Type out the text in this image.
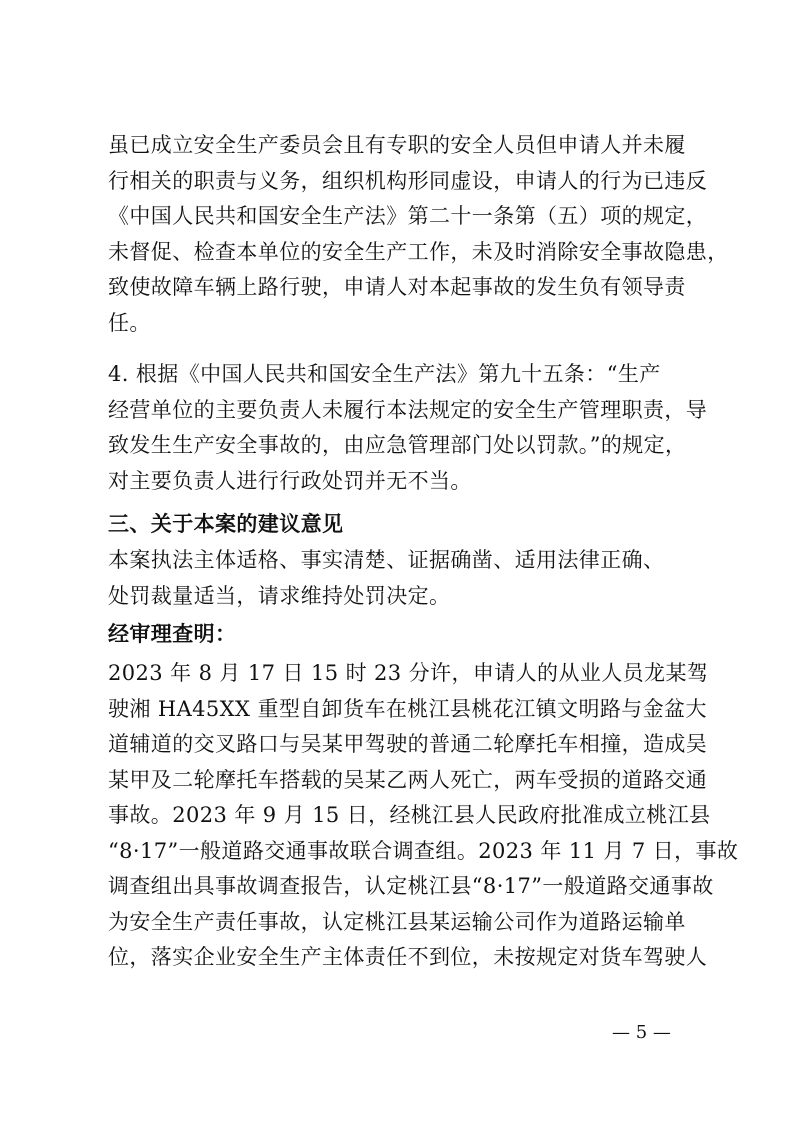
虽已成立安全生产委员会且有专职的安全人员但申请人并未履
行相关的职责与义务，组织机构形同虚设，申请人的行为已违反
《中国人民共和国安全生产法》第二十一条第（五）项的规定，
未督促、检查本单位的安全生产工作，未及时消除安全事故隐患，
致使故障车辆上路行驶，申请人对本起事故的发生负有领导责
任。
4. 根据《中国人民共和国安全生产法》第九十五条：“生产
经营单位的主要负责人未履行本法规定的安全生产管理职责，导
致发生生产安全事故的，由应急管理部门处以罚款。”的规定，
对主要负责人进行行政处罚并无不当。
三、关于本案的建议意见
本案执法主体适格、事实清楚、证据确凿、适用法律正确、
处罚裁量适当，请求维持处罚决定。
经审理查明：
2023 年 8 月 17 日 15 时 23 分许，申请人的从业人员龙某驾
驶湘 HA45XX 重型自卸货车在桃江县桃花江镇文明路与金盆大
道辅道的交叉路口与吴某甲驾驶的普通二轮摩托车相撞，造成吴
某甲及二轮摩托车搭载的吴某乙两人死亡，两车受损的道路交通
事故。2023 年 9 月 15 日，经桃江县人民政府批准成立桃江县
“8·17”一般道路交通事故联合调查组。2023 年 11 月 7 日，事故
调查组出具事故调查报告，认定桃江县“8·17”一般道路交通事故
为安全生产责任事故，认定桃江县某运输公司作为道路运输单
位，落实企业安全生产主体责任不到位，未按规定对货车驾驶人
— 5 —
